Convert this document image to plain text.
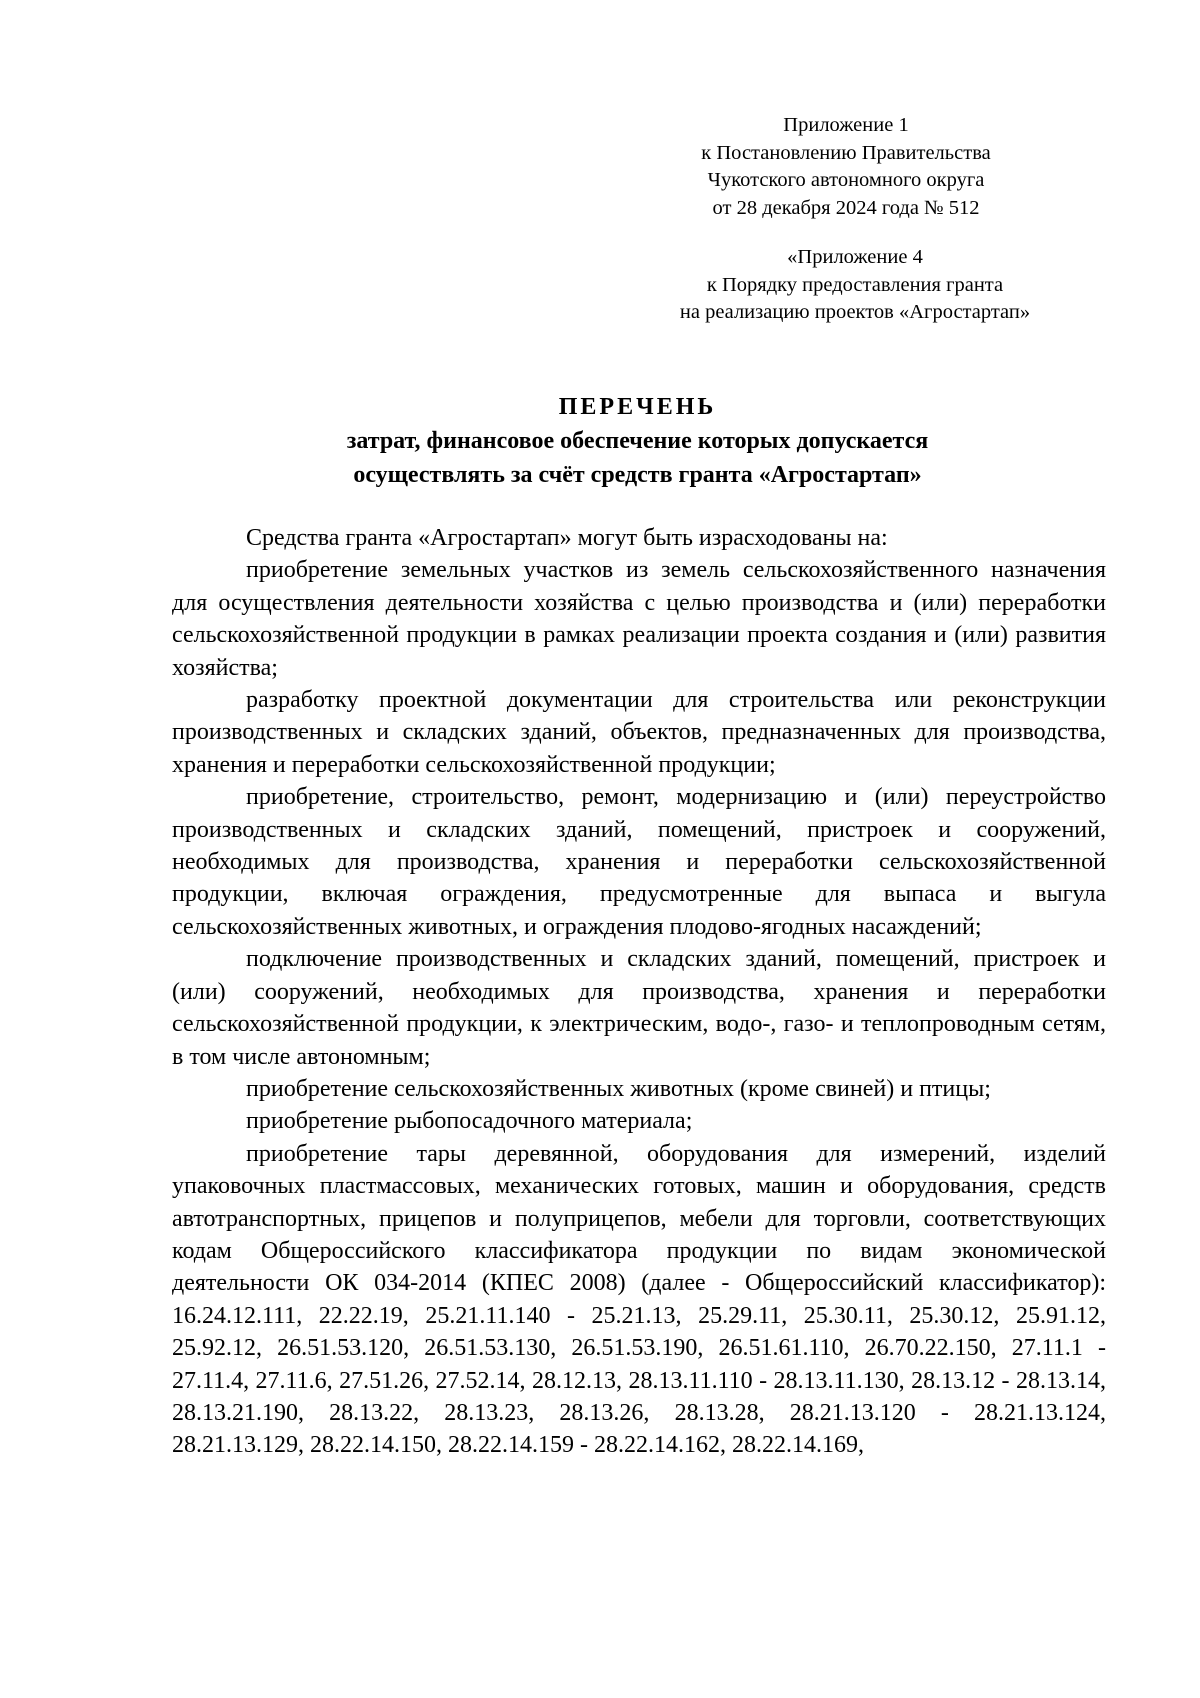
Приложение 1
к Постановлению Правительства
Чукотского автономного округа
от 28 декабря 2024 года № 512
«Приложение 4
к Порядку предоставления гранта
на реализацию проектов «Агростартап»
ПЕРЕЧЕНЬ
затрат, финансовое обеспечение которых допускается
осуществлять за счёт средств гранта «Агростартап»

Средства гранта «Агростартап» могут быть израсходованы на:

приобретение земельных участков из земель сельскохозяйственного назначения для осуществления деятельности хозяйства с целью производства и (или) переработки сельскохозяйственной продукции в рамках реализации проекта создания и (или) развития хозяйства;

разработку проектной документации для строительства или реконструкции производственных и складских зданий, объектов, предназначенных для производства, хранения и переработки сельскохозяйственной продукции;

приобретение, строительство, ремонт, модернизацию и (или) переустройство производственных и складских зданий, помещений, пристроек и сооружений, необходимых для производства, хранения и переработки сельскохозяйственной продукции, включая ограждения, предусмотренные для выпаса и выгула сельскохозяйственных животных, и ограждения плодово-ягодных насаждений;

подключение производственных и складских зданий, помещений, пристроек и (или) сооружений, необходимых для производства, хранения и переработки сельскохозяйственной продукции, к электрическим, водо-, газо- и теплопроводным сетям, в том числе автономным;

приобретение сельскохозяйственных животных (кроме свиней) и птицы;

приобретение рыбопосадочного материала;

приобретение тары деревянной, оборудования для измерений, изделий упаковочных пластмассовых, механических готовых, машин и оборудования, средств автотранспортных, прицепов и полуприцепов, мебели для торговли, соответствующих кодам Общероссийского классификатора продукции по видам экономической деятельности ОК 034-2014 (КПЕС 2008) (далее - Общероссийский классификатор): 16.24.12.111, 22.22.19, 25.21.11.140 - 25.21.13, 25.29.11, 25.30.11, 25.30.12, 25.91.12, 25.92.12, 26.51.53.120, 26.51.53.130, 26.51.53.190, 26.51.61.110, 26.70.22.150, 27.11.1 - 27.11.4, 27.11.6, 27.51.26, 27.52.14, 28.12.13, 28.13.11.110 - 28.13.11.130, 28.13.12 - 28.13.14, 28.13.21.190, 28.13.22, 28.13.23, 28.13.26, 28.13.28, 28.21.13.120 - 28.21.13.124, 28.21.13.129, 28.22.14.150, 28.22.14.159 - 28.22.14.162, 28.22.14.169,
